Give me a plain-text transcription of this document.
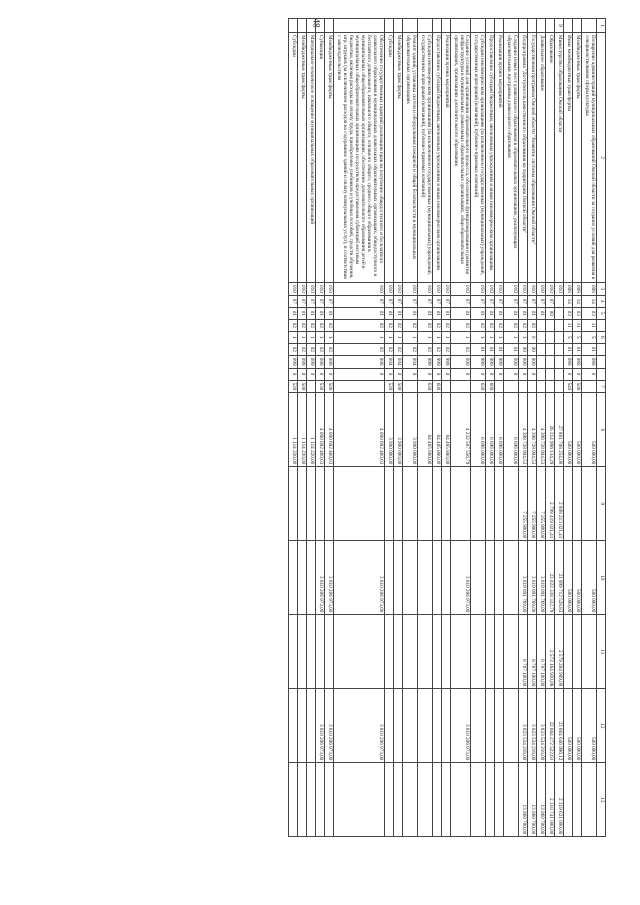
48	1	2	3	4	5		6				7	8	9	10	11	12	13
	Поощрение администраций муниципальных образований Омской области за создание условий для развития и совершенствования сферы культуры	008	14	03	11	5	01	068	0		500 000,00		500 000,00		500 000,00	
	Межбюджетные трансферты	008	14	03	11	5	01	068	0	500	500 000,00		500 000,00		500 000,00	
	Иные межбюджетные трансферты	008	14	03	11	5	01	068	0	540	500 000,00		500 000,00		500 000,00	
9	Министерство образования Омской области	010									27 881 708 254,08	2 808 213 021,41	21 999 712 528,83	2 579 284 909,08	23 664 646 996,12	2 319 621 000,00
	Образование	010	07	00							26 214 996 134,29	2 799 419 021,41	23 022 338 332,79	2 572 164 920,08	22 684 272 522,61	2 310 741 000,00
	Дошкольное образование	010	07	01							4 398 728 904,53	7 255 900,00	3 819 091 769,00	8 707 100,00	3 823 534 218,00	13 060 700,00
	Государственная программа Омской области "Развитие системы образования Омской области"	010	07	01	02	0	00	000	0		4 398 728 904,53	7 255 900,00	3 819 091 769,00	8 707 100,00	3 823 534 218,00	13 060 700,00
	Подпрограмма "Доступность качественного образования на территории Омской области"	010	07	01	02	1	00	000	0		4 398 728 904,53	7 255 900,00	3 819 091 769,00	8 707 100,00	3 823 534 218,00	13 060 700,00
	Создание новых мест дошкольного образования в образовательных организациях, реализующих образовательные программы дошкольного образования	010	07	01	02	1	01	000	0		6 696 000,00					
	Реализация прочих мероприятий	010	07	01	02	1	01	999	0		6 696 000,00					
	Предоставление субсидий бюджетным, автономным учреждениям и иным некоммерческим организациям	010	07	01	02	1	01	999	0	600	6 696 000,00					
	Субсидии некоммерческим организациям (за исключением государственных (муниципальных) учреждений, государственных корпораций (компаний), публично-правовых компаний)	010	07	01	02	1	01	999	0	630	6 696 000,00					
	Создание условий для организации образовательного процесса, обеспечение функционирования и развития инфраструктуры в муниципальных дошкольных образовательных организациях, общеобразовательных организациях, организациях дополнительного образования	010	07	01	02	1	02	000	0		4 232 587 556,79		3 810 206 973,00		3 810 206 973,00	
	Реализация прочих мероприятий	010	07	01	02	1	02	999	0		84 485 880,00					
	Предоставление субсидий бюджетным, автономным учреждениям и иным некоммерческим организациям	010	07	01	02	1	02	999	0	600	84 485 880,00					
	Субсидии некоммерческим организациям (за исключением государственных (муниципальных) учреждений, государственных корпораций (компаний), публично-правовых компаний)	010	07	01	02	1	02	999	0	630	84 485 880,00					
	Ремонт зданий, установка систем и оборудования пожарной и общей безопасности в муниципальных образовательных организациях	010	07	01	02	1	02	004	0		3 900 000,00					
	Межбюджетные трансферты	010	07	01	02	1	02	004	0	500	3 900 000,00					
	Субсидии	010	07	01	02	1	02	004	0	520	3 900 000,00					
	Обеспечение государственных гарантий реализации прав на получение общедоступного и бесплатного дошкольного образования в муниципальных дошкольных образовательных организациях, общедоступного и бесплатного дошкольного, начального общего, основного общего, среднего общего образования в муниципальных общеобразовательных организациях, обеспечение дополнительного образования детей в муниципальных общеобразовательных организациях посредством предоставления субвенций местным бюджетам, включая расходы на оплату труда, приобретение учебников и учебных пособий, средств обучения, игр, игрушек (за исключением расходов на содержание зданий и оплату коммунальных услуг), в соответствии с законодательством	010	07	01	02	1	02	008	0		4 080 692 460,63		3 810 206 973,00		3 810 206 973,00	
	Межбюджетные трансферты	010	07	01	02	1	02	008	0	500	4 080 692 460,63		3 810 206 973,00		3 810 206 973,00	
	Субвенции	010	07	01	02	1	02	008	0	530	4 080 692 460,63		3 810 206 973,00		3 810 206 973,00	
	Материально-техническое оснащение муниципальных образовательных организаций	010	07	01	02	1	02	099	0		1 114 220,00					
	Межбюджетные трансферты	010	07	01	02	1	02	099	0	500	1 114 220,00					
	Субсидии	010	07	01	02	1	02	099	0	520	1 114 220,00					
